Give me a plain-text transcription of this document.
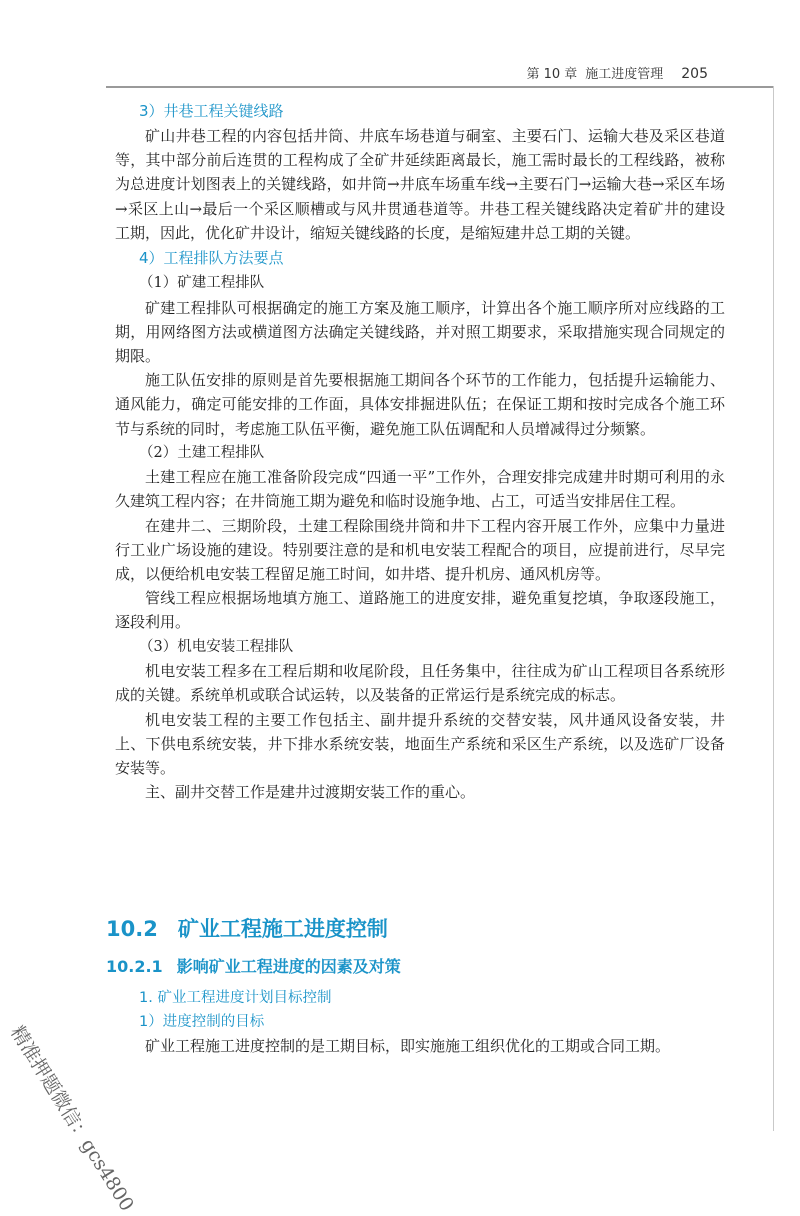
第 10 章 施工进度管理 205

3）井巷工程关键线路

矿山井巷工程的内容包括井筒、井底车场巷道与硐室、主要石门、运输大巷及采区巷道等，其中部分前后连贯的工程构成了全矿井延续距离最长，施工需时最长的工程线路，被称为总进度计划图表上的关键线路，如井筒→井底车场重车线→主要石门→运输大巷→采区车场→采区上山→最后一个采区顺槽或与风井贯通巷道等。井巷工程关键线路决定着矿井的建设工期，因此，优化矿井设计，缩短关键线路的长度，是缩短建井总工期的关键。

4）工程排队方法要点

（1）矿建工程排队

矿建工程排队可根据确定的施工方案及施工顺序，计算出各个施工顺序所对应线路的工期，用网络图方法或横道图方法确定关键线路，并对照工期要求，采取措施实现合同规定的期限。

施工队伍安排的原则是首先要根据施工期间各个环节的工作能力，包括提升运输能力、通风能力，确定可能安排的工作面，具体安排掘进队伍；在保证工期和按时完成各个施工环节与系统的同时，考虑施工队伍平衡，避免施工队伍调配和人员增减得过分频繁。

（2）土建工程排队

土建工程应在施工准备阶段完成“四通一平”工作外，合理安排完成建井时期可利用的永久建筑工程内容；在井筒施工期为避免和临时设施争地、占工，可适当安排居住工程。

在建井二、三期阶段，土建工程除围绕井筒和井下工程内容开展工作外，应集中力量进行工业广场设施的建设。特别要注意的是和机电安装工程配合的项目，应提前进行，尽早完成，以便给机电安装工程留足施工时间，如井塔、提升机房、通风机房等。

管线工程应根据场地填方施工、道路施工的进度安排，避免重复挖填，争取逐段施工，逐段利用。

（3）机电安装工程排队

机电安装工程多在工程后期和收尾阶段，且任务集中，往往成为矿山工程项目各系统形成的关键。系统单机或联合试运转，以及装备的正常运行是系统完成的标志。

机电安装工程的主要工作包括主、副井提升系统的交替安装，风井通风设备安装，井上、下供电系统安装，井下排水系统安装，地面生产系统和采区生产系统，以及选矿厂设备安装等。

主、副井交替工作是建井过渡期安装工作的重心。

10.2 矿业工程施工进度控制
10.2.1 影响矿业工程进度的因素及对策

1. 矿业工程进度计划目标控制

1）进度控制的目标

矿业工程施工进度控制的是工期目标，即实施施工组织优化的工期或合同工期。

精准押题微信：gcs4800
